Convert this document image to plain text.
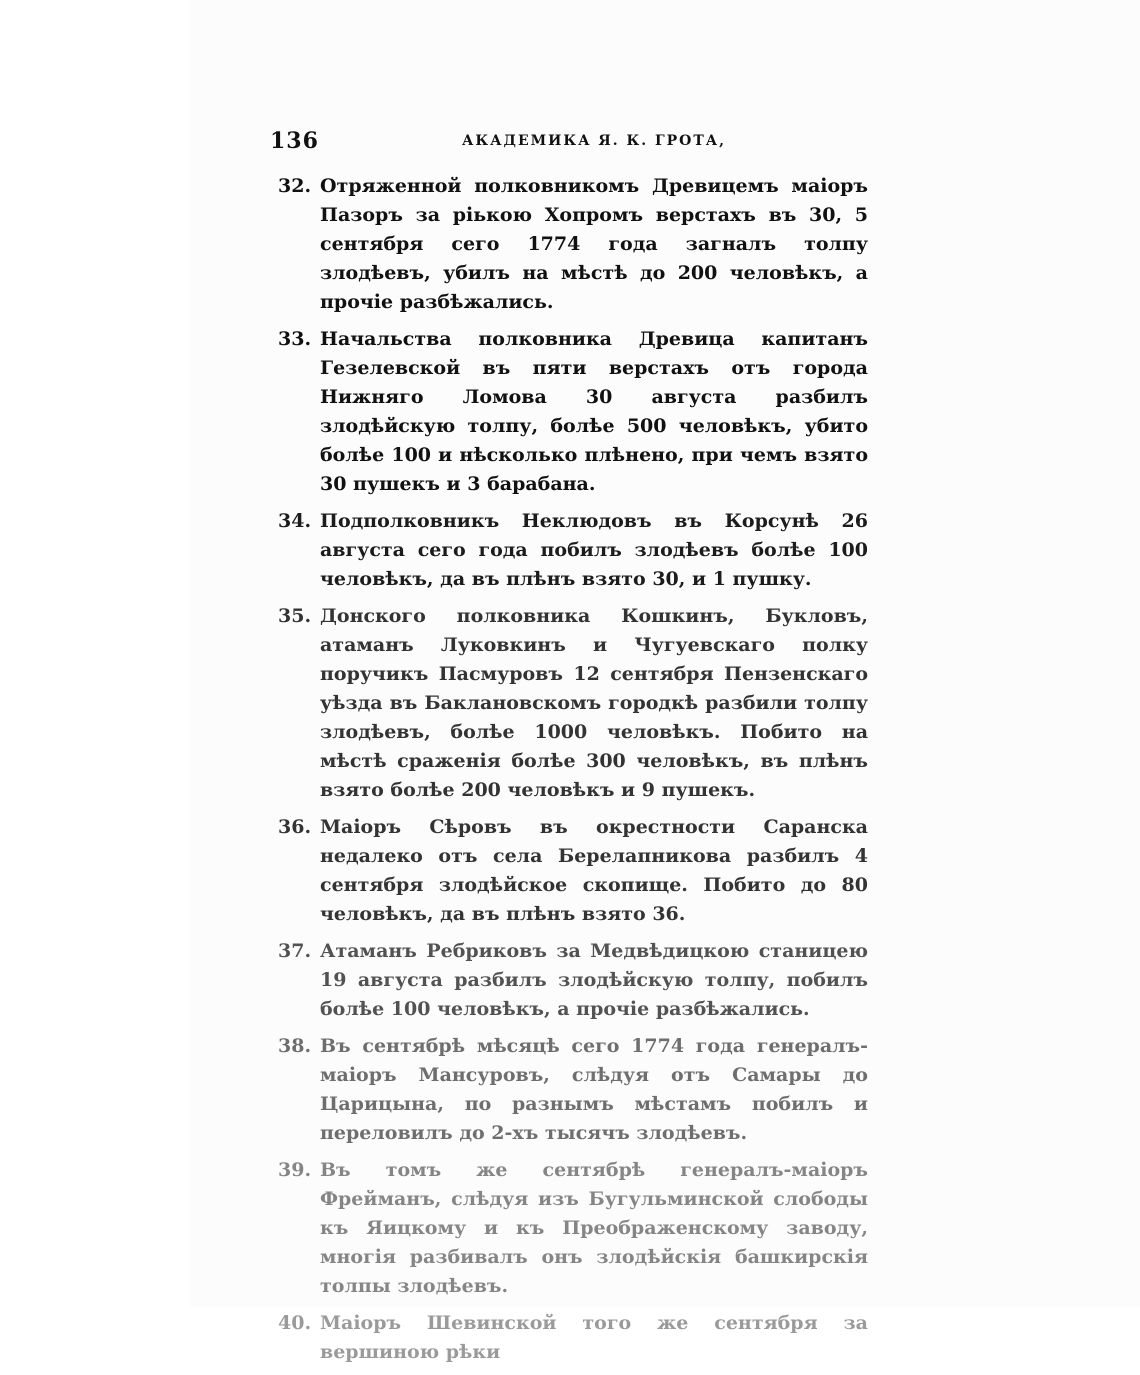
136	АКАДЕМИКА Я. К. ГРОТА,
32. Отряженной полковникомъ Древицемъ маіоръ Пазоръ за ріькою Хопромъ верстахъ въ 30, 5 сентября сего 1774 года загналъ толпу злодѣевъ, убилъ на мѣстѣ до 200 человѣкъ, а прочіе разбѣжались.
33. Начальства полковника Древица капитанъ Гезелевской въ пяти верстахъ отъ города Нижняго Ломова 30 августа разбилъ злодѣйскую толпу, болѣе 500 человѣкъ, убито болѣе 100 и нѣсколько плѣнено, при чемъ взято 30 пушекъ и 3 барабана.
34. Подполковникъ Неклюдовъ въ Корсунѣ 26 августа сего года побилъ злодѣевъ болѣе 100 человѣкъ, да въ плѣнъ взято 30, и 1 пушку.
35. Донского полковника Кошкинъ, Букловъ, атаманъ Луковкинъ и Чугуевскаго полку поручикъ Пасмуровъ 12 сентября Пензенскаго уѣзда въ Баклановскомъ городкѣ разбили толпу злодѣевъ, болѣе 1000 человѣкъ. Побито на мѣстѣ сраженія болѣе 300 человѣкъ, въ плѣнъ взято болѣе 200 человѣкъ и 9 пушекъ.
36. Маіоръ Сѣровъ въ окрестности Саранска недалеко отъ села Берелапникова разбилъ 4 сентября злодѣйское скопище. Побито до 80 человѣкъ, да въ плѣнъ взято 36.
37. Атаманъ Ребриковъ за Медвѣдицкою станицею 19 августа разбилъ злодѣйскую толпу, побилъ болѣе 100 человѣкъ, а прочіе разбѣжались.
38. Въ сентябрѣ мѣсяцѣ сего 1774 года генералъ-маіоръ Мансуровъ, слѣдуя отъ Самары до Царицына, по разнымъ мѣстамъ побилъ и переловилъ до 2-хъ тысячъ злодѣевъ.
39. Въ томъ же сентябрѣ генералъ-маіоръ Фрейманъ, слѣдуя изъ Бугульминской слободы къ Яицкому и къ Преображенскому заводу, многія разбивалъ онъ злодѣйскія башкирскія толпы злодѣевъ.
40. Маіоръ Шевинской того же сентября за вершиною рѣки
